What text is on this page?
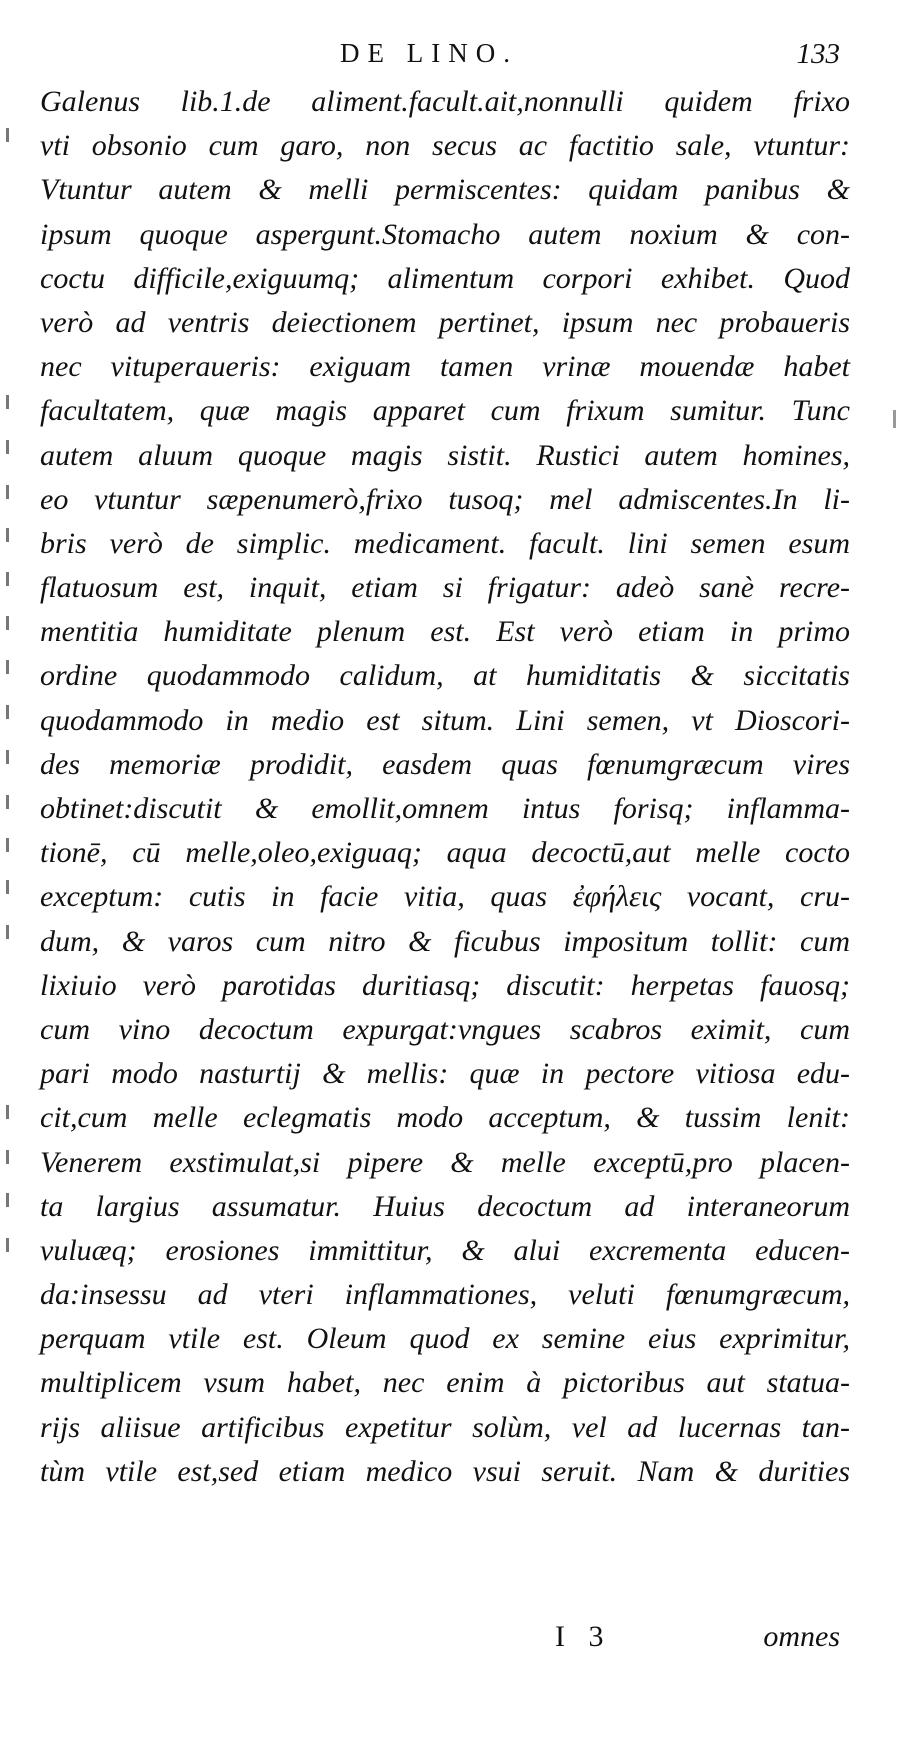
DE LINO.	133
Galenus lib.1.de aliment.facult.ait,nonnulli quidem frixo
vti obsonio cum garo, non secus ac factitio sale, vtuntur:
Vtuntur autem & melli permiscentes: quidam panibus &
ipsum quoque aspergunt.Stomacho autem noxium & con-
coctu difficile,exiguumq; alimentum corpori exhibet. Quod
verò ad ventris deiectionem pertinet, ipsum nec probaueris
nec vituperaueris: exiguam tamen vrinæ mouendæ habet
facultatem, quæ magis apparet cum frixum sumitur. Tunc
autem aluum quoque magis sistit. Rustici autem homines,
eo vtuntur sæpenumerò,frixo tusoq; mel admiscentes.In li-
bris verò de simplic. medicament. facult. lini semen esum
flatuosum est, inquit, etiam si frigatur: adeò sanè recre-
mentitia humiditate plenum est. Est verò etiam in primo
ordine quodammodo calidum, at humiditatis & siccitatis
quodammodo in medio est situm. Lini semen, vt Dioscori-
des memoriæ prodidit, easdem quas fœnumgræcum vires
obtinet:discutit & emollit,omnem intus forisq; inflamma-
tionē, cū melle,oleo,exiguaq; aqua decoctū,aut melle cocto
exceptum: cutis in facie vitia, quas ἐφήλεις vocant, cru-
dum, & varos cum nitro & ficubus impositum tollit: cum
lixiuio verò parotidas duritiasq; discutit: herpetas fauosq;
cum vino decoctum expurgat:vngues scabros eximit, cum
pari modo nasturtij & mellis: quæ in pectore vitiosa edu-
cit,cum melle eclegmatis modo acceptum, & tussim lenit:
Venerem exstimulat,si pipere & melle exceptū,pro placen-
ta largius assumatur. Huius decoctum ad interaneorum
vuluæq; erosiones immittitur, & alui excrementa educen-
da:insessu ad vteri inflammationes, veluti fœnumgræcum,
perquam vtile est. Oleum quod ex semine eius exprimitur,
multiplicem vsum habet, nec enim à pictoribus aut statua-
rijs aliisue artificibus expetitur solùm, vel ad lucernas tan-
tùm vtile est,sed etiam medico vsui seruit. Nam & durities
I 3	omnes
